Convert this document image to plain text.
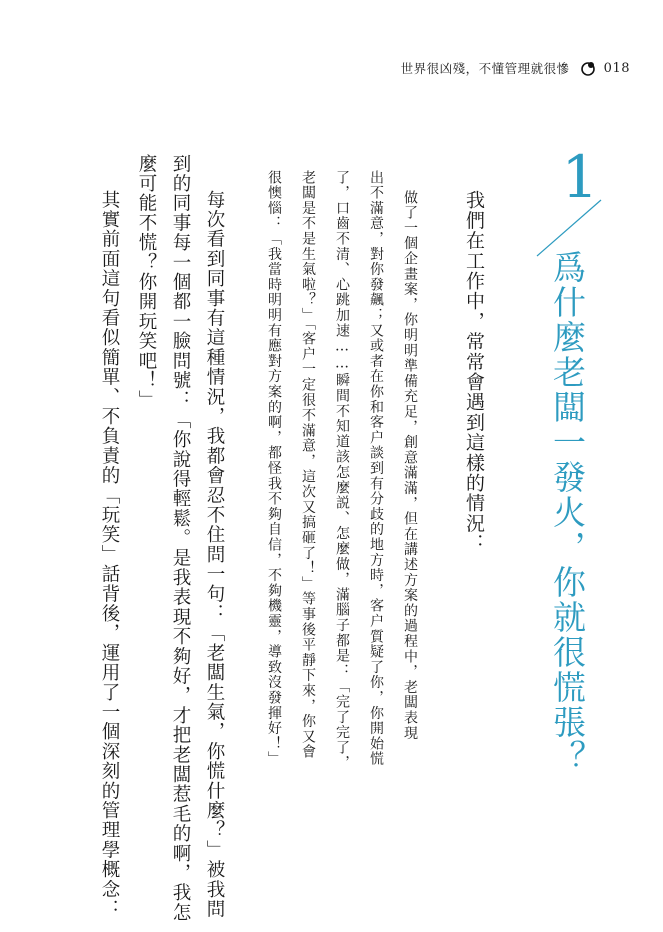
世界很凶殘，不懂管理就很慘	018
1
爲什麼老闆一發火，你就很慌張？
我們在工作中，常常會遇到這樣的情況：
做了一個企畫案，你明明準備充足，創意滿滿，但在講述方案的過程中，老闆表現
出不滿意，對你發飆；又或者在你和客户談到有分歧的地方時，客户質疑了你，你開始慌
了，口齒不清、心跳加速……瞬間不知道該怎麼説、怎麼做，滿腦子都是：「完了完了，
老闆是不是生氣啦？」「客户一定很不滿意，這次又搞砸了！」等事後平靜下來，你又會
很懊惱：「我當時明明有應對方案的啊，都怪我不夠自信，不夠機靈，導致沒發揮好！」
每次看到同事有這種情況，我都會忍不住問一句：「老闆生氣，你慌什麼？」被我問
到的同事每一個都一臉問號：「你說得輕鬆。是我表現不夠好，才把老闆惹毛的啊，我怎
麼可能不慌？你開玩笑吧！」
其實前面這句看似簡單、不負責的「玩笑」話背後，運用了一個深刻的管理學概念：
